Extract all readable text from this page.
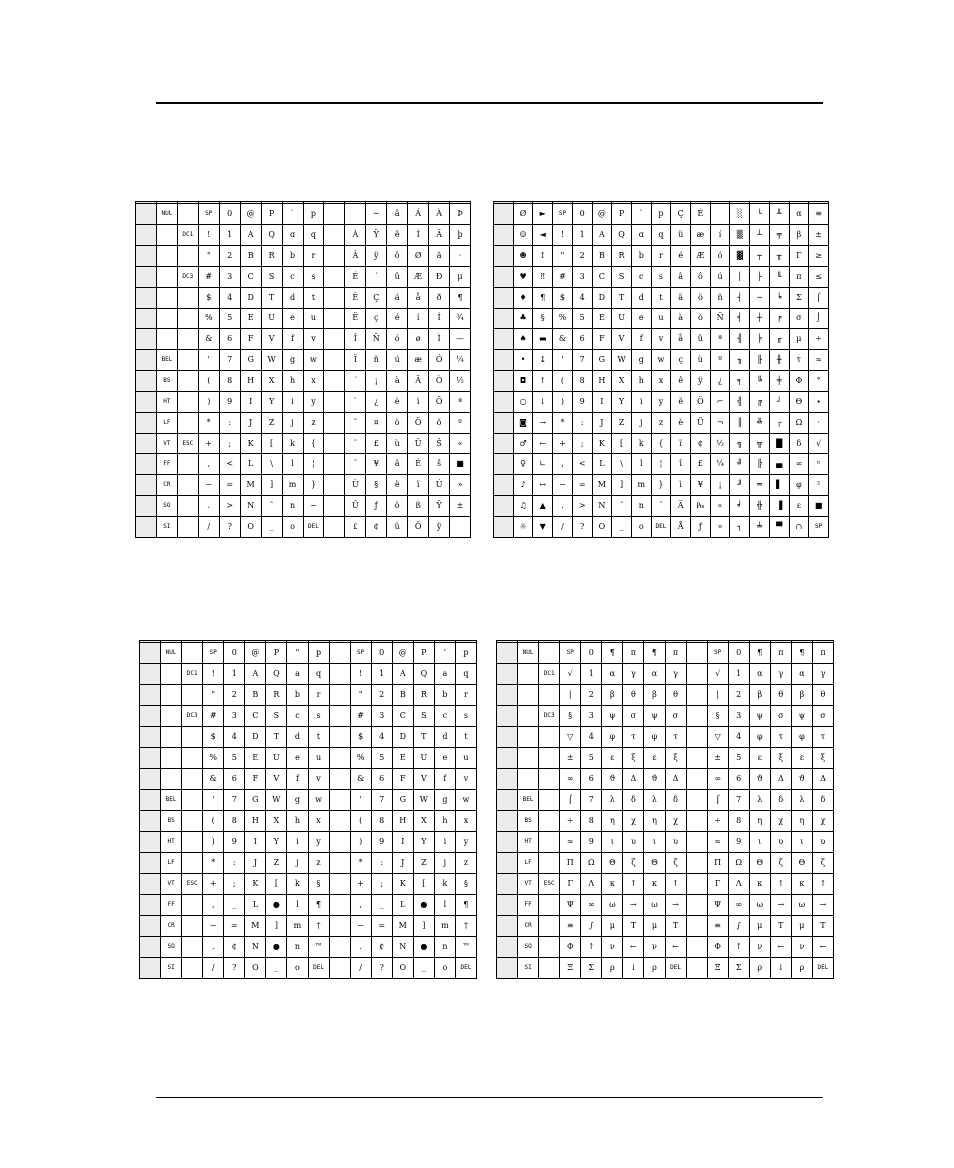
	NUL		SP	0	@	P	`	p			─	â	Á	À	Þ
		DC1	!	1	A	Q	ɑ	q		À	Ÿ	ê	Í	Ã	þ
			"	2	B	R	b	r		Â	ÿ	ô	Ø	ã	·
		DC3	#	3	C	S	c	s		É	´	û	Æ	Ð	μ
			$	4	D	T	d	t		Ê	Ç	á	å	ð	¶
			%	5	E	U	e	u		Ë	ç	é	í	Í	¾
			&	6	F	V	f	v		Î	Ñ	ó	ø	Ì	—
	BEL		'	7	G	W	g	w		Ï	ñ	ú	æ	Ó	¼
	BS		(	8	H	X	h	x		´	¡	à	Ä	Ò	½
	HT		)	9	I	Y	i	y		`	¿	è	ì	Õ	ª
	LF		*	:	J	Z	j	z		ˆ	¤	ò	Ö	õ	º
	VT	ESC	+	;	K	[	k	{		¨	£	ù	Ü	Š	«
	FF		,	<	L	\	l	¦		˜	¥	ä	É	š	■
	CR		−	=	M	]	m	}		Ù	§	ë	ï	Ú	»
	SO		.	>	N	ˆ	n	~		Û	ƒ	ö	ß	Ÿ	±
	SI		/	?	O	_	o	DEL		₤	¢	ü	Ô	ÿ	

	Ø	►	SP	0	@	P	`	p	Ç	É		░	└	╨	α	≡
	☺	◄	!	1	A	Q	ɑ	q	ü	æ	í	▒	┴	╤	β	±
	☻	↕	"	2	B	R	b	r	é	Æ	ó	▓	┬	╥	Γ	≥
	♥	‼	#	3	C	S	c	s	â	ô	ú	│	├	╙	π	≤
	♦	¶	$	4	D	T	d	t	ä	ö	ñ	┤	─	╘	Σ	⌠
	♣	§	%	5	E	U	e	u	à	ò	Ñ	╡	┼	╒	σ	⌡
	♠	▬	&	6	F	V	f	v	å	û	ª	╢	╞	╓	μ	÷
	•	↨	'	7	G	W	g	w	ç	ù	º	╖	╟	╫	τ	≈
	◘	↑	(	8	H	X	h	x	ê	ÿ	¿	╕	╚	╪	Φ	°
	○	↓	)	9	I	Y	i	y	ë	Ö	⌐	╣	╔	┘	Θ	∙
	◙	→	*	:	J	Z	j	z	è	Ü	¬	║	╩	┌	Ω	·
	♂	←	+	;	K	[	k	{	ï	¢	½	╗	╦	█	δ	√
	♀	∟	,	<	L	\	l	¦	î	£	¼	╝	╠	▄	∞	ⁿ
	♪	↔	−	=	M	]	m	}	ì	¥	¡	╜	═	▌	φ	²
	♫	▲	.	>	N	ˆ	n	˜	Ä	₧	«	╛	╬	▐	ε	■
	☼	▼	/	?	O	_	o	DEL	Å	ƒ	»	┐	╧	▀	∩	SP

	NUL		SP	0	@	P	"	p		SP	0	@	P	'	p
		DC1	!	1	A	Q	a	q		!	1	A	Q	a	q
			"	2	B	R	b	r		"	2	B	R	b	r
		DC3	#	3	C	S	c	s		#	3	C	S	c	s
			$	4	D	T	d	t		$	4	D	T	d	t
			%	5	E	U	e	u		%	5	E	U	e	u
			&	6	F	V	f	v		&	6	F	V	f	v
	BEL		'	7	G	W	g	w		'	7	G	W	g	w
	BS		(	8	H	X	h	x		(	8	H	X	h	x
	HT		)	9	I	Y	i	y		)	9	I	Y	i	y
	LF		*	:	J	Z	j	z		*	:	J	Z	j	z
	VT	ESC	+	;	K	[	k	§		+	;	K	[	k	§
	FF		,	_	L	●	l	¶		,	_	L	●	l	¶
	CR		−	=	M	]	m	†		−	=	M	]	m	†
	SO		.	¢	N	●	n	™		.	¢	N	●	n	™
	SI		/	?	O	_	o	DEL		/	?	O	_	o	DEL

	NUL		SP	0	¶	π	¶	π		SP	0	¶	π	¶	π
		DC1	√	1	α	γ	α	γ		√	1	α	γ	α	γ
			|	2	β	θ	β	θ		|	2	β	θ	β	θ
		DC3	§	3	ψ	σ	ψ	σ		§	3	ψ	σ	ψ	σ
			▽	4	φ	τ	φ	τ		▽	4	φ	τ	φ	τ
			±	5	ε	ξ	ε	ξ		±	5	ε	ξ	ε	ξ
			∞	6	ϑ	Δ	ϑ	Δ		∞	6	ϑ	Δ	ϑ	Δ
	BEL		⌠	7	λ	δ	λ	δ		⌠	7	λ	δ	λ	δ
	BS		÷	8	η	χ	η	χ		÷	8	η	χ	η	χ
	HT		≈	9	ι	υ	ι	υ		≈	9	ι	υ	ι	υ
	LF		Π	Ω	Θ	ζ	Θ	ζ		Π	Ω	Θ	ζ	Θ	ζ
	VT	ESC	Γ	Λ	κ	↑	κ	↑		Γ	Λ	κ	↑	κ	↑
	FF		Ψ	∞	ω	→	ω	→		Ψ	∞	ω	→	ω	→
	CR		≡	∫	μ	T	μ	T		≡	∫	μ	T	μ	T
	SO		Φ	↑	ν	←	ν	←		Φ	↑	ν	←	ν	←
	SI		Ξ	Σ	ρ	↓	ρ	DEL		Ξ	Σ	ρ	↓	ρ	DEL
